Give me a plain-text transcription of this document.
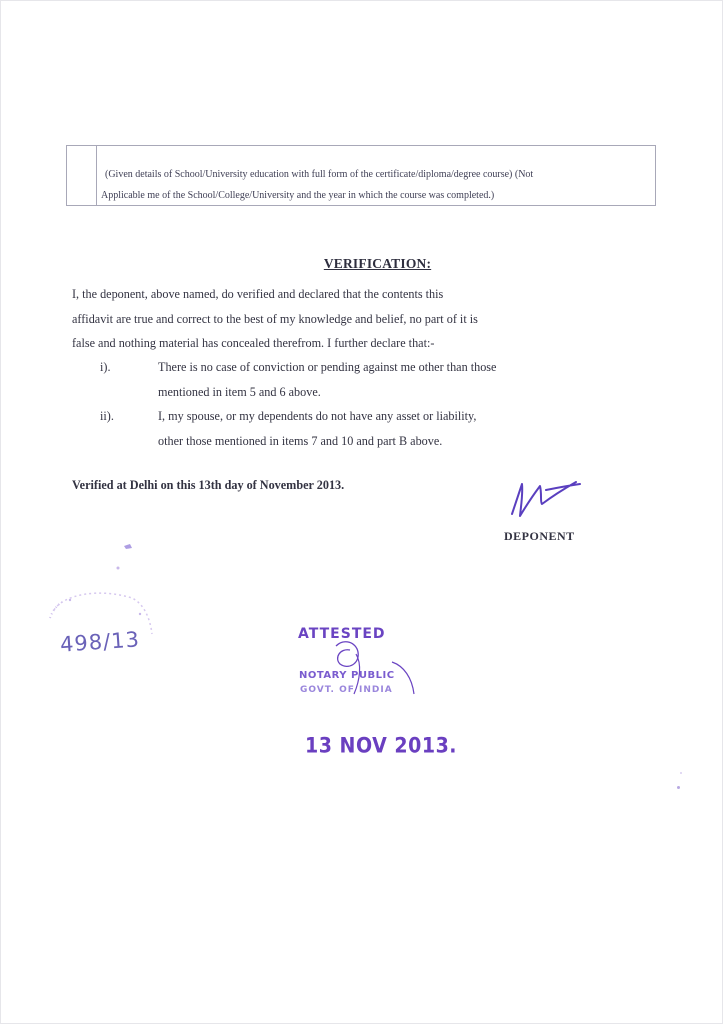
(Given details of School/University education with full form of the certificate/diploma/degree course) (Not
Applicable me of the School/College/University and the year in which the course was completed.)
VERIFICATION:
I, the deponent, above named, do verified and declared that the contents this
affidavit are true and correct to the best of my knowledge and belief, no part of it is
false and nothing material has concealed therefrom. I further declare that:-
i).	There is no case of conviction or pending against me other than those
mentioned in item 5 and 6 above.
ii).	I, my spouse, or my dependents do not have any asset or liability,
other those mentioned in items 7 and 10 and part B above.
Verified at Delhi on this 13th day of November 2013.
DEPONENT
498/13	ATTESTED
NOTARY PUBLIC
GOVT. OF INDIA
13 NOV 2013.
